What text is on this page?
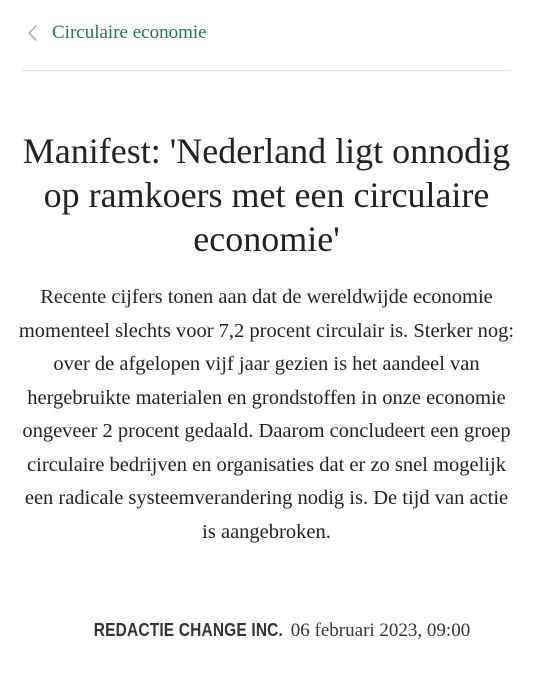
Circulaire economie
Manifest: 'Nederland ligt onnodig op ramkoers met een circulaire economie'

Recente cijfers tonen aan dat de wereldwijde economie momenteel slechts voor 7,2 procent circulair is. Sterker nog: over de afgelopen vijf jaar gezien is het aandeel van hergebruikte materialen en grondstoffen in onze economie ongeveer 2 procent gedaald. Daarom concludeert een groep circulaire bedrijven en organisaties dat er zo snel mogelijk een radicale systeemverandering nodig is. De tijd van actie is aangebroken.

REDACTIE CHANGE INC. 06 februari 2023, 09:00
